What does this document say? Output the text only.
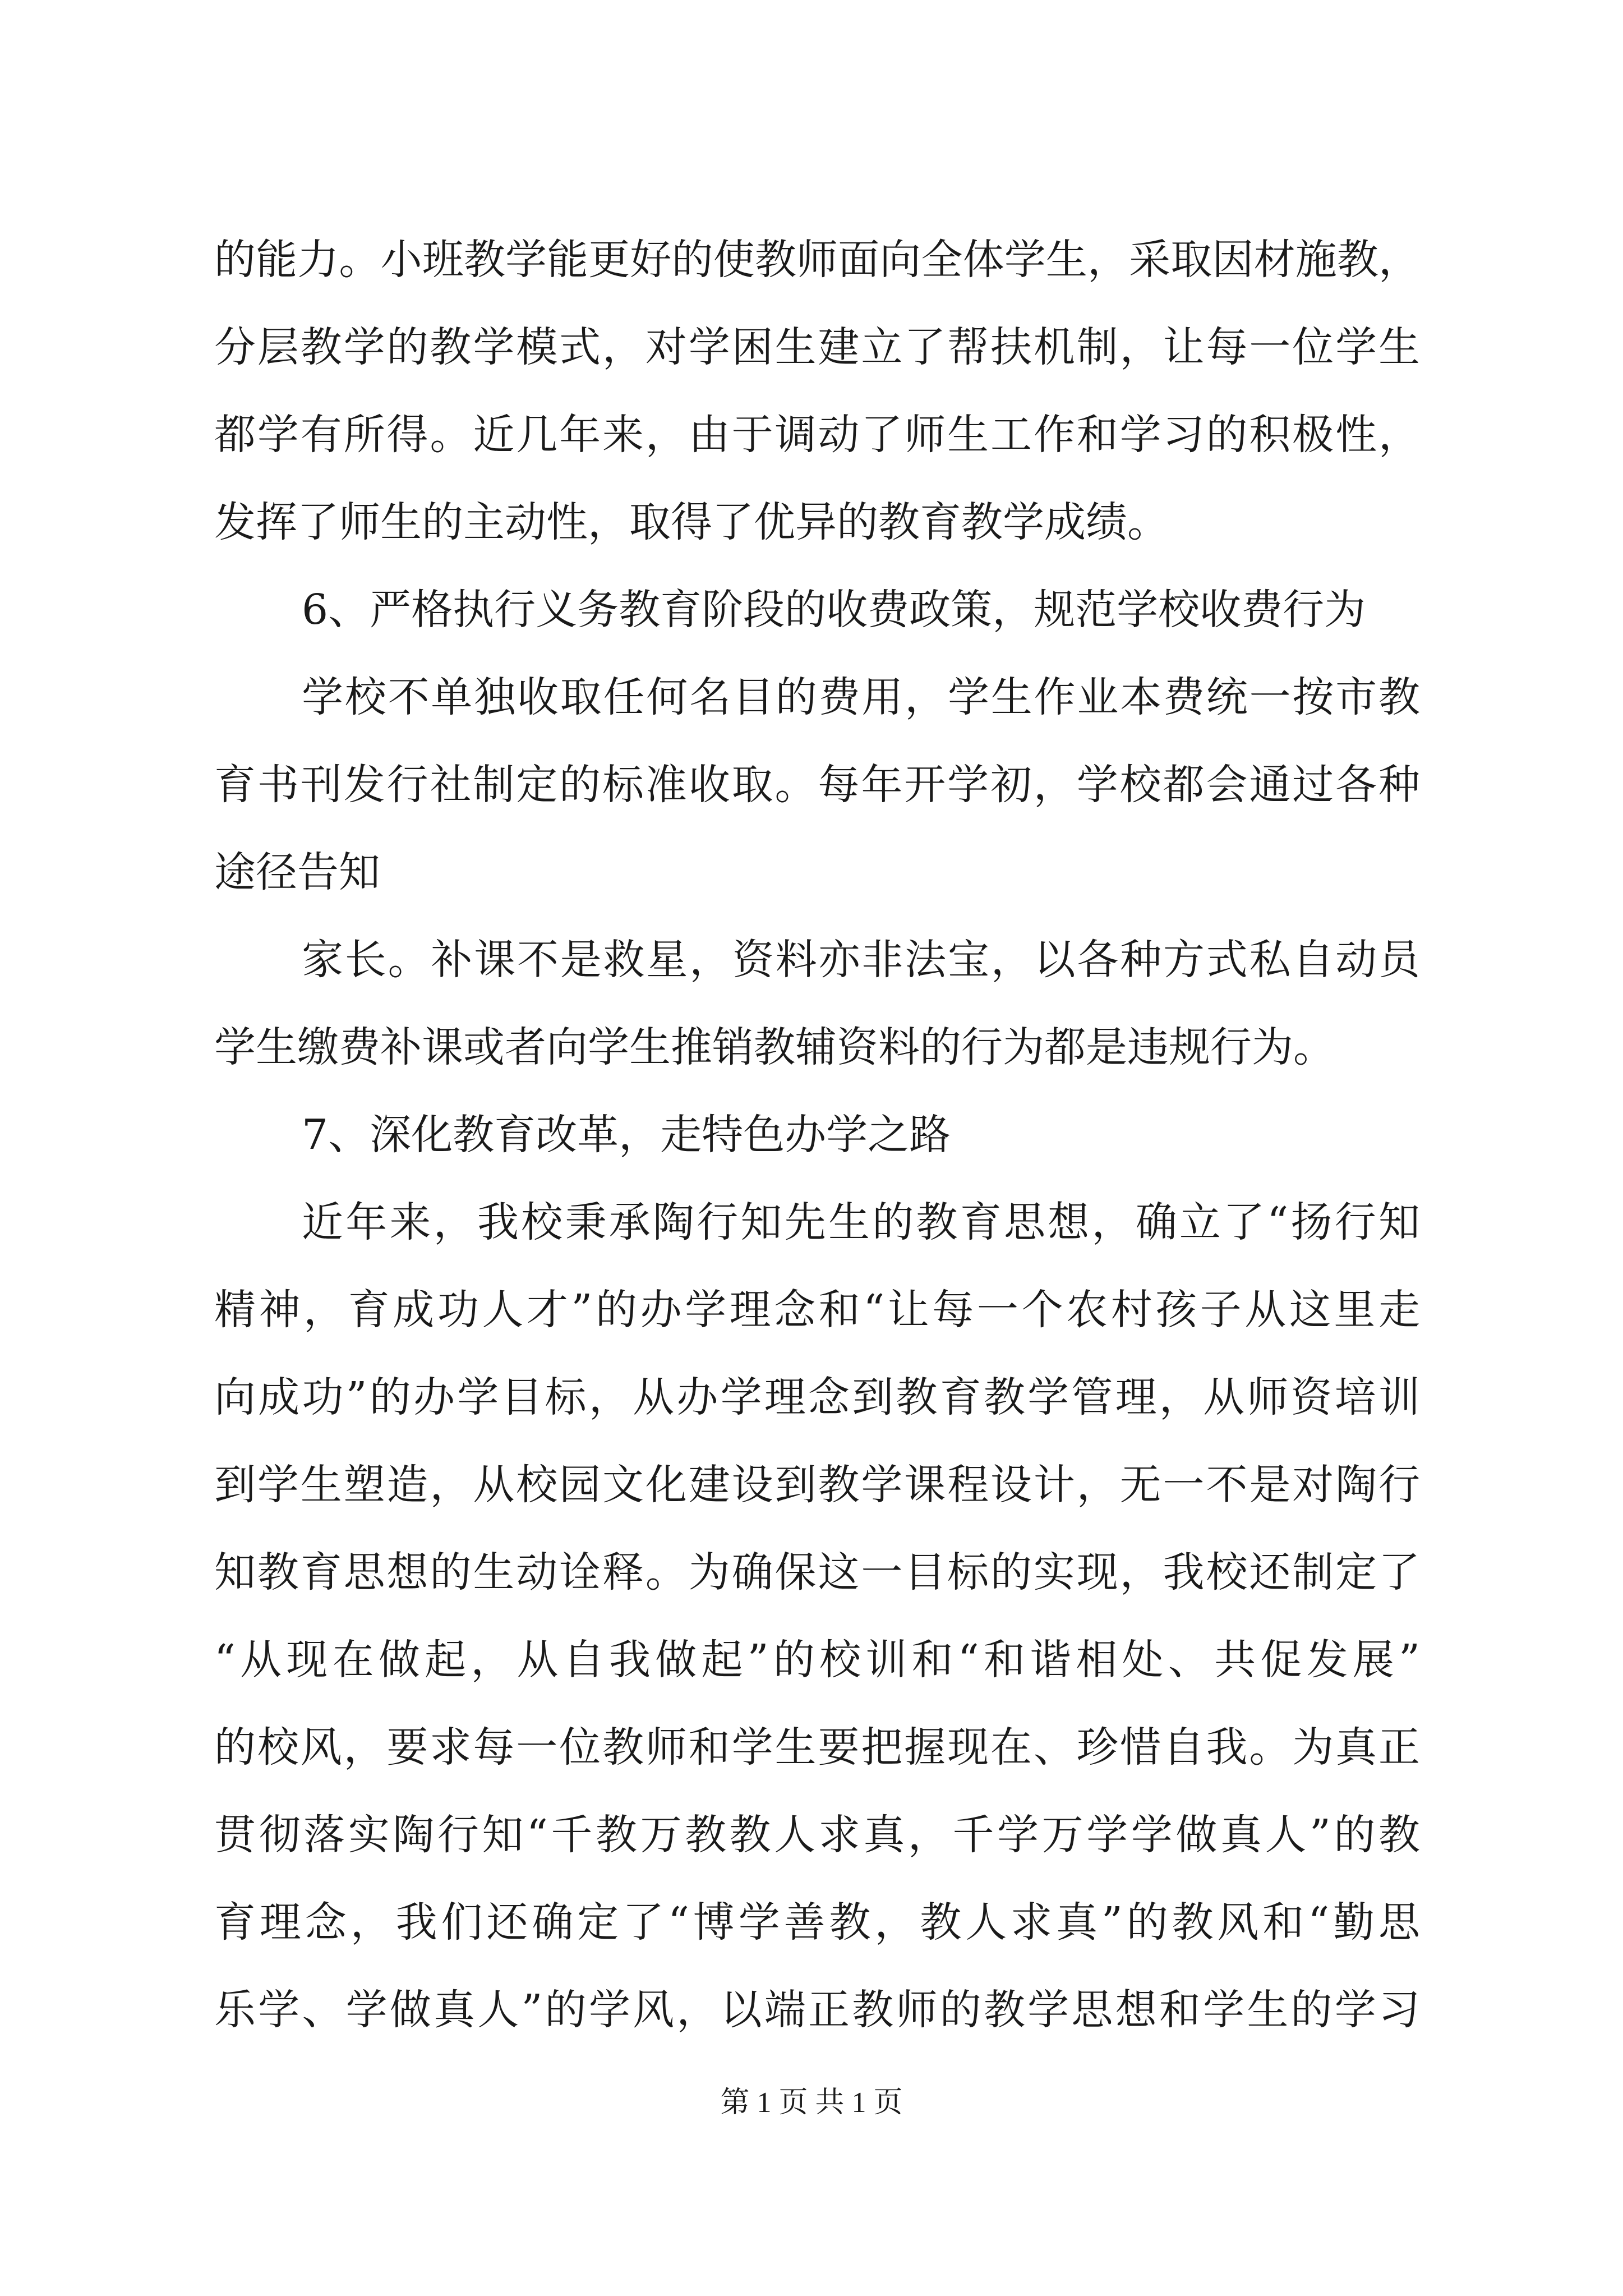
的能力。小班教学能更好的使教师面向全体学生，采取因材施教，
分层教学的教学模式，对学困生建立了帮扶机制，让每一位学生
都学有所得。近几年来，由于调动了师生工作和学习的积极性，
发挥了师生的主动性，取得了优异的教育教学成绩。
6、严格执行义务教育阶段的收费政策，规范学校收费行为
学校不单独收取任何名目的费用，学生作业本费统一按市教
育书刊发行社制定的标准收取。每年开学初，学校都会通过各种
途径告知
家长。补课不是救星，资料亦非法宝，以各种方式私自动员
学生缴费补课或者向学生推销教辅资料的行为都是违规行为。
7、深化教育改革，走特色办学之路
近年来，我校秉承陶行知先生的教育思想，确立了“扬行知
精神，育成功人才”的办学理念和“让每一个农村孩子从这里走
向成功”的办学目标，从办学理念到教育教学管理，从师资培训
到学生塑造，从校园文化建设到教学课程设计，无一不是对陶行
知教育思想的生动诠释。为确保这一目标的实现，我校还制定了
“从现在做起，从自我做起”的校训和“和谐相处、共促发展”
的校风，要求每一位教师和学生要把握现在、珍惜自我。为真正
贯彻落实陶行知“千教万教教人求真，千学万学学做真人”的教
育理念，我们还确定了“博学善教，教人求真”的教风和“勤思
乐学、学做真人”的学风，以端正教师的教学思想和学生的学习
第 1 页 共 1 页
